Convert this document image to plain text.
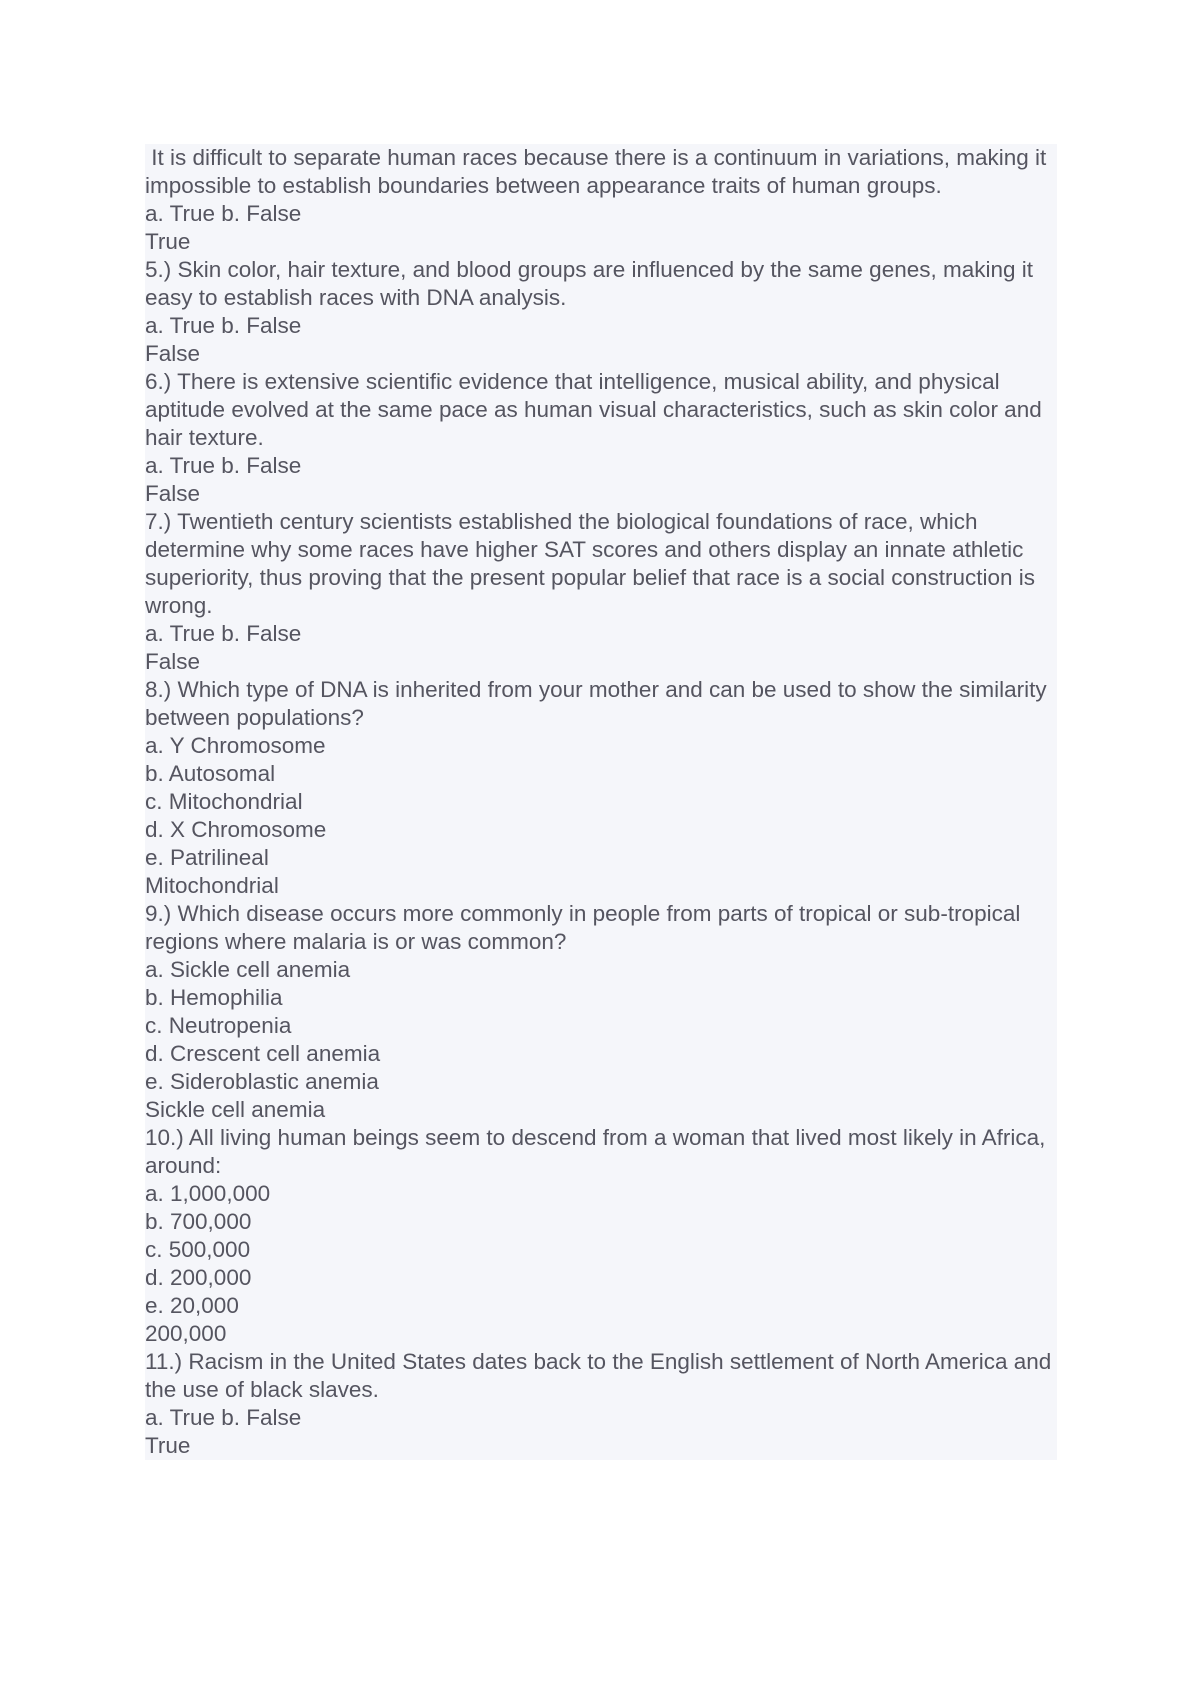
It is difficult to separate human races because there is a continuum in variations, making it impossible to establish boundaries between appearance traits of human groups.
a. True b. False
True
5.) Skin color, hair texture, and blood groups are influenced by the same genes, making it easy to establish races with DNA analysis.
a. True b. False
False
6.) There is extensive scientific evidence that intelligence, musical ability, and physical aptitude evolved at the same pace as human visual characteristics, such as skin color and hair texture.
a. True b. False
False
7.) Twentieth century scientists established the biological foundations of race, which determine why some races have higher SAT scores and others display an innate athletic superiority, thus proving that the present popular belief that race is a social construction is wrong.
a. True b. False
False
8.) Which type of DNA is inherited from your mother and can be used to show the similarity between populations?
a. Y Chromosome
b. Autosomal
c. Mitochondrial
d. X Chromosome
e. Patrilineal
Mitochondrial
9.) Which disease occurs more commonly in people from parts of tropical or sub-tropical regions where malaria is or was common?
a. Sickle cell anemia
b. Hemophilia
c. Neutropenia
d. Crescent cell anemia
e. Sideroblastic anemia
Sickle cell anemia
10.) All living human beings seem to descend from a woman that lived most likely in Africa, around:
a. 1,000,000
b. 700,000
c. 500,000
d. 200,000
e. 20,000
200,000
11.) Racism in the United States dates back to the English settlement of North America and the use of black slaves.
a. True b. False
True
